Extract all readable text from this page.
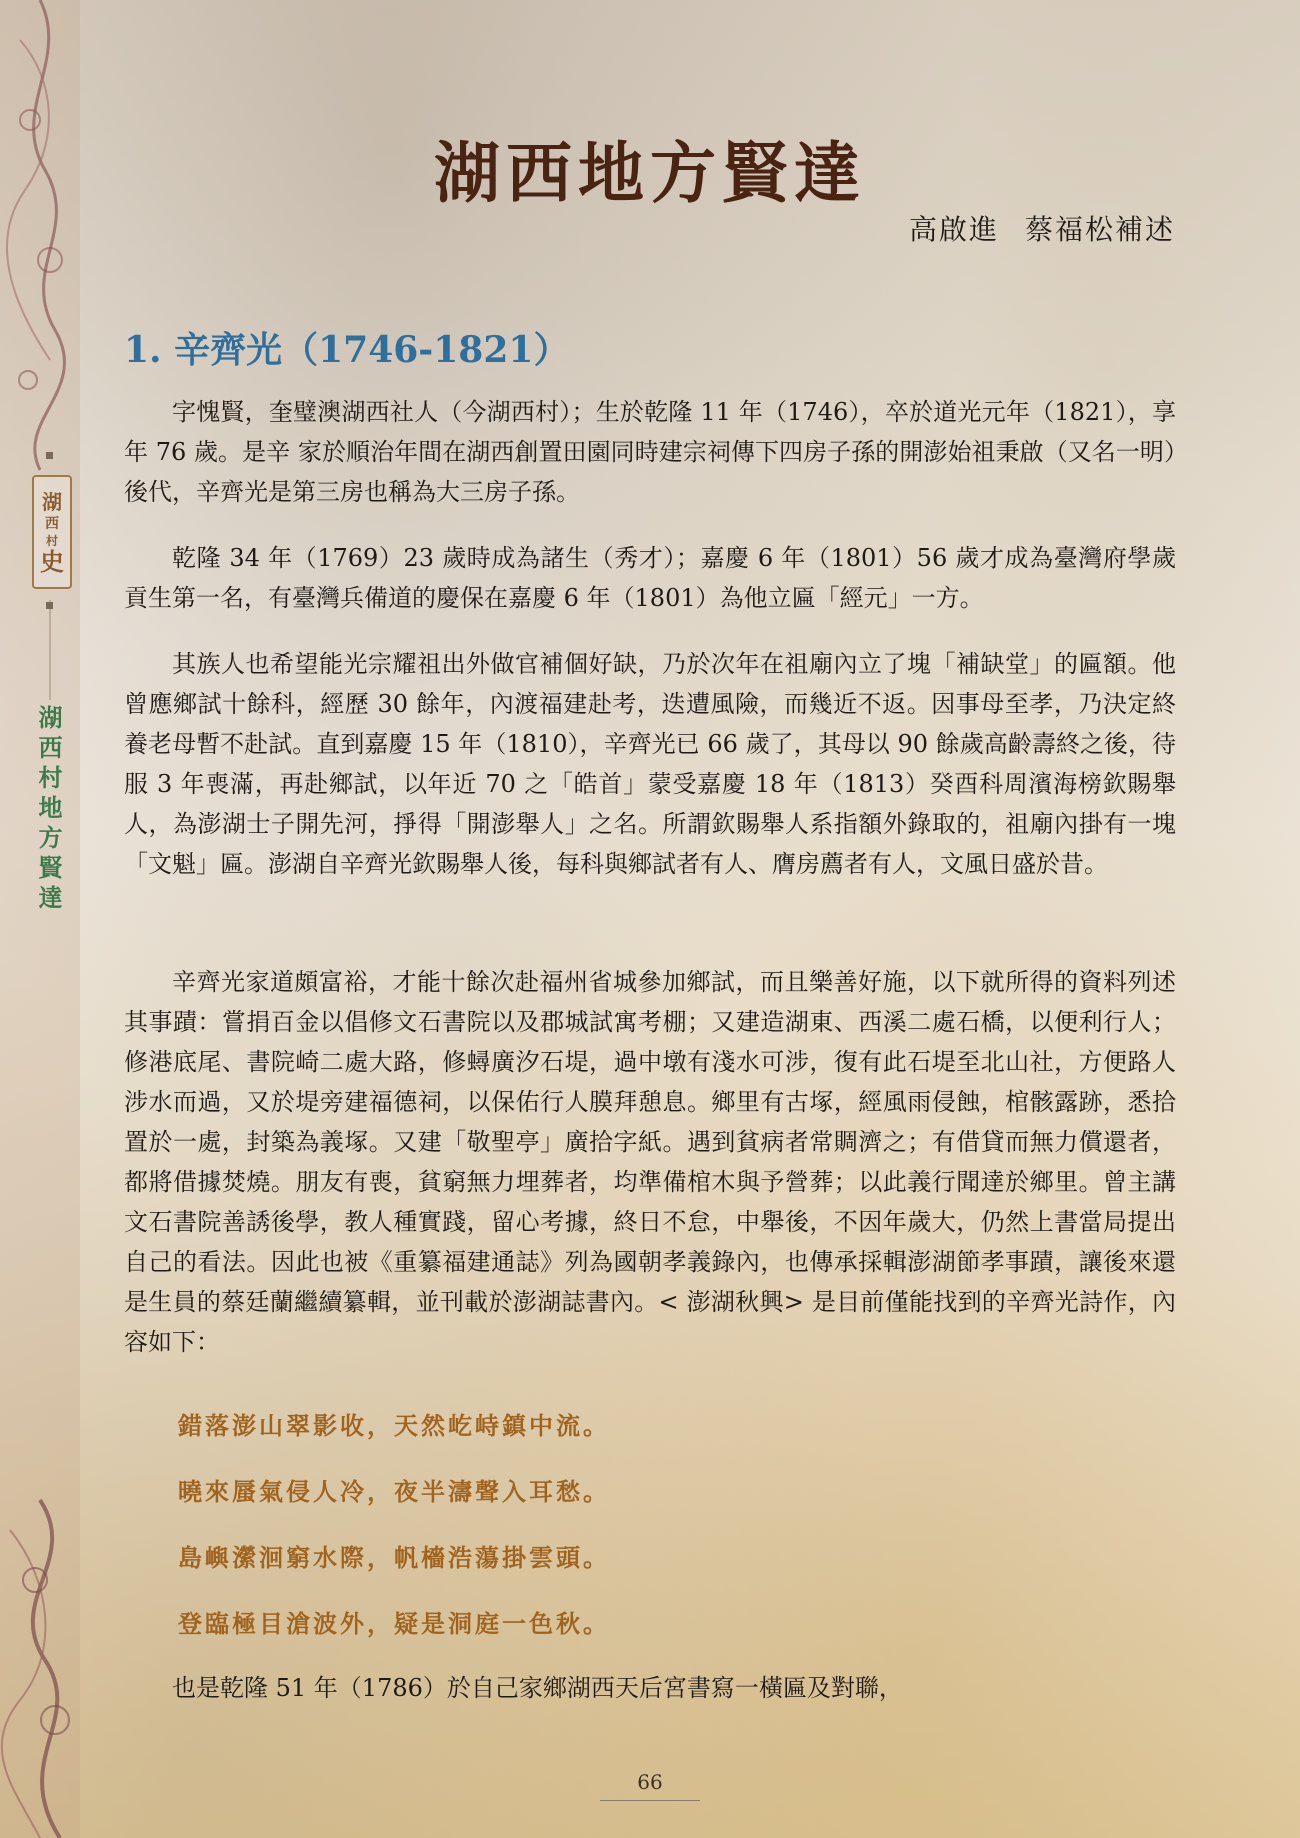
湖
西
村
史
湖西村地方賢達
湖西地方賢達
高啟進 蔡福松補述
1. 辛齊光（1746-1821）

字愧賢，奎璧澳湖西社人（今湖西村）；生於乾隆 11 年（1746），卒於道光元年（1821），享年 76 歲。是辛 家於順治年間在湖西創置田園同時建宗祠傳下四房子孫的開澎始祖秉啟（又名一明）後代，辛齊光是第三房也稱為大三房子孫。

乾隆 34 年（1769）23 歲時成為諸生（秀才）；嘉慶 6 年（1801）56 歲才成為臺灣府學歲貢生第一名，有臺灣兵備道的慶保在嘉慶 6 年（1801）為他立匾「經元」一方。

其族人也希望能光宗耀祖出外做官補個好缺，乃於次年在祖廟內立了塊「補缺堂」的匾額。他曾應鄉試十餘科，經歷 30 餘年，內渡福建赴考，迭遭風險，而幾近不返。因事母至孝，乃決定終養老母暫不赴試。直到嘉慶 15 年（1810），辛齊光已 66 歲了，其母以 90 餘歲高齡壽終之後，待服 3 年喪滿，再赴鄉試，以年近 70 之「皓首」蒙受嘉慶 18 年（1813）癸酉科周濱海榜欽賜舉人，為澎湖士子開先河，掙得「開澎舉人」之名。所謂欽賜舉人系指額外錄取的，祖廟內掛有一塊「文魁」匾。澎湖自辛齊光欽賜舉人後，每科與鄉試者有人、膺房薦者有人，文風日盛於昔。

辛齊光家道頗富裕，才能十餘次赴福州省城參加鄉試，而且樂善好施，以下就所得的資料列述其事蹟：嘗捐百金以倡修文石書院以及郡城試寓考棚；又建造湖東、西溪二處石橋，以便利行人；修港底尾、書院崎二處大路，修蟳廣汐石堤，過中墩有淺水可涉，復有此石堤至北山社，方便路人涉水而過，又於堤旁建福德祠，以保佑行人膜拜憩息。鄉里有古塚，經風雨侵蝕，棺骸露跡，悉拾置於一處，封築為義塚。又建「敬聖亭」廣拾字紙。遇到貧病者常賙濟之；有借貸而無力償還者，都將借據焚燒。朋友有喪，貧窮無力埋葬者，均準備棺木與予營葬；以此義行聞達於鄉里。曾主講文石書院善誘後學，教人種實踐，留心考據，終日不怠，中舉後，不因年歲大，仍然上書當局提出自己的看法。因此也被《重纂福建通誌》列為國朝孝義錄內，也傳承採輯澎湖節孝事蹟，讓後來還是生員的蔡廷蘭繼續纂輯，並刊載於澎湖誌書內。< 澎湖秋興> 是目前僅能找到的辛齊光詩作，內容如下：

錯落澎山翠影收，天然屹峙鎮中流。
曉來蜃氣侵人冷，夜半濤聲入耳愁。
島嶼瀠洄窮水際，帆檣浩蕩掛雲頭。
登臨極目滄波外，疑是洞庭一色秋。

也是乾隆 51 年（1786）於自己家鄉湖西天后宮書寫一橫匾及對聯，

66
